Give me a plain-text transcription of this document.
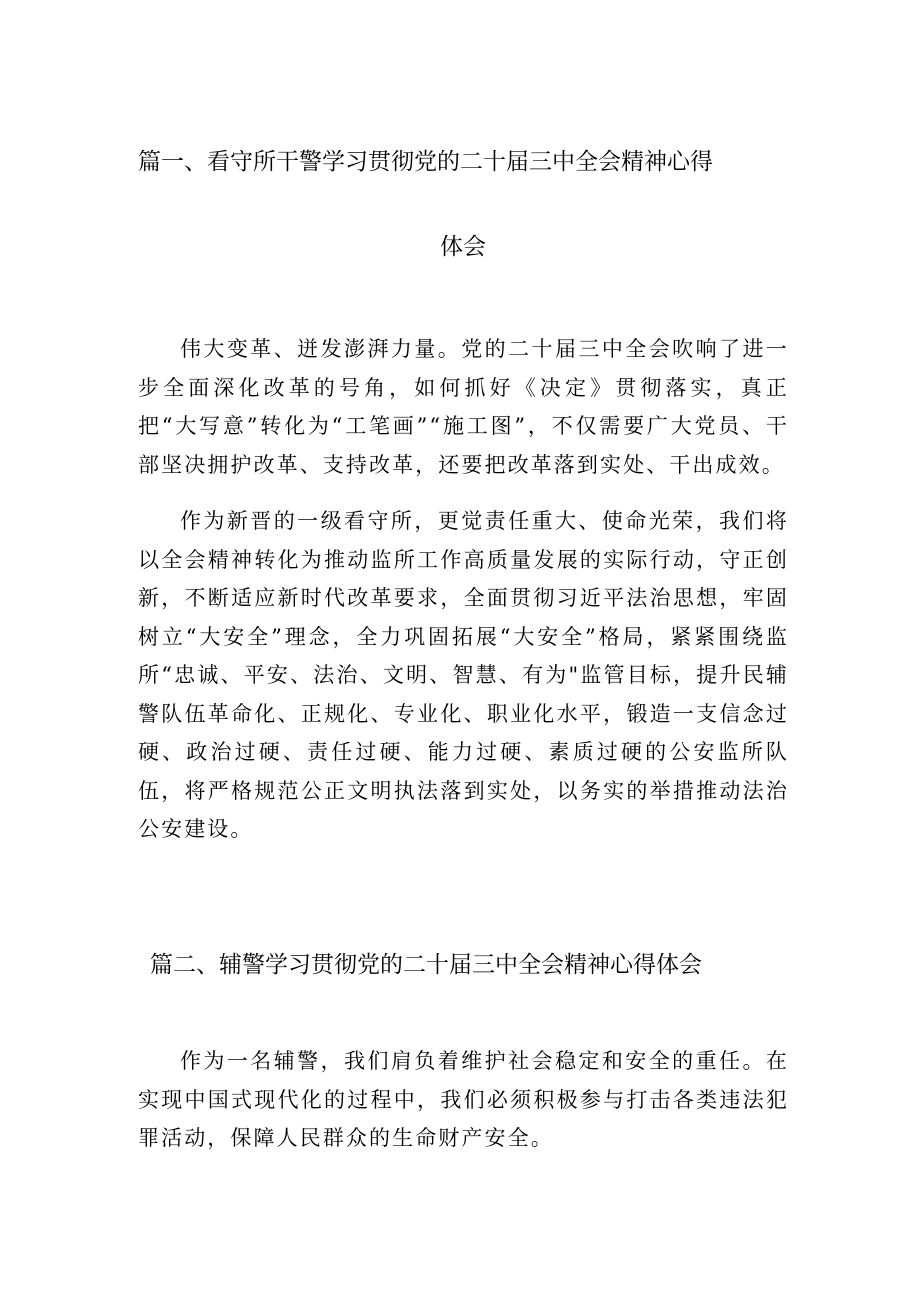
篇一、看守所干警学习贯彻党的二十届三中全会精神心得
体会

伟大变革、迸发澎湃力量。党的二十届三中全会吹响了进一步全面深化改革的号角，如何抓好《决定》贯彻落实，真正把“大写意”转化为“工笔画”“施工图”，不仅需要广大党员、干部坚决拥护改革、支持改革，还要把改革落到实处、干出成效。

作为新晋的一级看守所，更觉责任重大、使命光荣，我们将以全会精神转化为推动监所工作高质量发展的实际行动，守正创新，不断适应新时代改革要求，全面贯彻习近平法治思想，牢固树立“大安全”理念，全力巩固拓展“大安全”格局，紧紧围绕监所“忠诚、平安、法治、文明、智慧、有为"监管目标，提升民辅警队伍革命化、正规化、专业化、职业化水平，锻造一支信念过硬、政治过硬、责任过硬、能力过硬、素质过硬的公安监所队伍，将严格规范公正文明执法落到实处，以务实的举措推动法治公安建设。

篇二、辅警学习贯彻党的二十届三中全会精神心得体会

作为一名辅警，我们肩负着维护社会稳定和安全的重任。在实现中国式现代化的过程中，我们必须积极参与打击各类违法犯罪活动，保障人民群众的生命财产安全。
